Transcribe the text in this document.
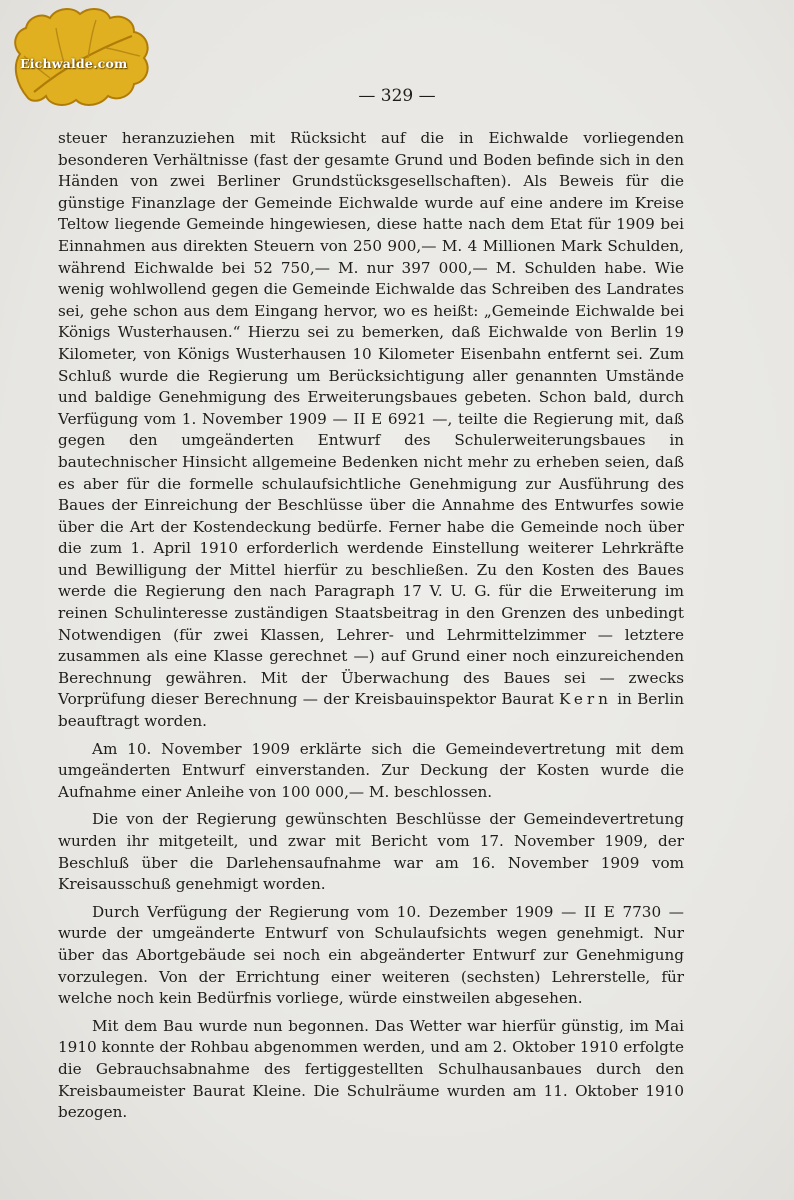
Eichwalde.com
— 329 —

steuer heranzuziehen mit Rücksicht auf die in Eichwalde vorliegenden besonderen Verhältnisse (fast der gesamte Grund und Boden befinde sich in den Händen von zwei Berliner Grundstücksgesellschaften). Als Beweis für die günstige Finanzlage der Gemeinde Eichwalde wurde auf eine andere im Kreise Teltow liegende Gemeinde hingewiesen, diese hatte nach dem Etat für 1909 bei Einnahmen aus direkten Steuern von 250 900,— M. 4 Millionen Mark Schulden, während Eichwalde bei 52 750,— M. nur 397 000,— M. Schulden habe. Wie wenig wohlwollend gegen die Gemeinde Eichwalde das Schreiben des Landrates sei, gehe schon aus dem Eingang hervor, wo es heißt: „Gemeinde Eichwalde bei Königs Wusterhausen.“ Hierzu sei zu bemerken, daß Eichwalde von Berlin 19 Kilometer, von Königs Wusterhausen 10 Kilometer Eisenbahn entfernt sei. Zum Schluß wurde die Regierung um Berücksichtigung aller genannten Umstände und baldige Genehmigung des Erweiterungsbaues gebeten. Schon bald, durch Verfügung vom 1. November 1909 — II E 6921 —, teilte die Regierung mit, daß gegen den umgeänderten Entwurf des Schulerweiterungsbaues in bautechnischer Hinsicht allgemeine Bedenken nicht mehr zu erheben seien, daß es aber für die formelle schulaufsichtliche Genehmigung zur Ausführung des Baues der Einreichung der Beschlüsse über die Annahme des Entwurfes sowie über die Art der Kostendeckung bedürfe. Ferner habe die Gemeinde noch über die zum 1. April 1910 erforderlich werdende Einstellung weiterer Lehrkräfte und Bewilligung der Mittel hierfür zu beschließen. Zu den Kosten des Baues werde die Regierung den nach Paragraph 17 V. U. G. für die Erweiterung im reinen Schulinteresse zuständigen Staatsbeitrag in den Grenzen des unbedingt Notwendigen (für zwei Klassen, Lehrer- und Lehrmittelzimmer — letztere zusammen als eine Klasse gerechnet —) auf Grund einer noch einzureichenden Berechnung gewähren. Mit der Überwachung des Baues sei — zwecks Vorprüfung dieser Berechnung — der Kreisbauinspektor Baurat Kern in Berlin beauftragt worden.

Am 10. November 1909 erklärte sich die Gemeindevertretung mit dem umgeänderten Entwurf einverstanden. Zur Deckung der Kosten wurde die Aufnahme einer Anleihe von 100 000,— M. beschlossen.

Die von der Regierung gewünschten Beschlüsse der Gemeindevertretung wurden ihr mitgeteilt, und zwar mit Bericht vom 17. November 1909, der Beschluß über die Darlehensaufnahme war am 16. November 1909 vom Kreisausschuß genehmigt worden.

Durch Verfügung der Regierung vom 10. Dezember 1909 — II E 7730 — wurde der umgeänderte Entwurf von Schulaufsichts wegen genehmigt. Nur über das Abortgebäude sei noch ein abgeänderter Entwurf zur Genehmigung vorzulegen. Von der Errichtung einer weiteren (sechsten) Lehrerstelle, für welche noch kein Bedürfnis vorliege, würde einstweilen abgesehen.

Mit dem Bau wurde nun begonnen. Das Wetter war hierfür günstig, im Mai 1910 konnte der Rohbau abgenommen werden, und am 2. Oktober 1910 erfolgte die Gebrauchsabnahme des fertiggestellten Schulhausanbaues durch den Kreisbaumeister Baurat Kleine. Die Schulräume wurden am 11. Oktober 1910 bezogen.
